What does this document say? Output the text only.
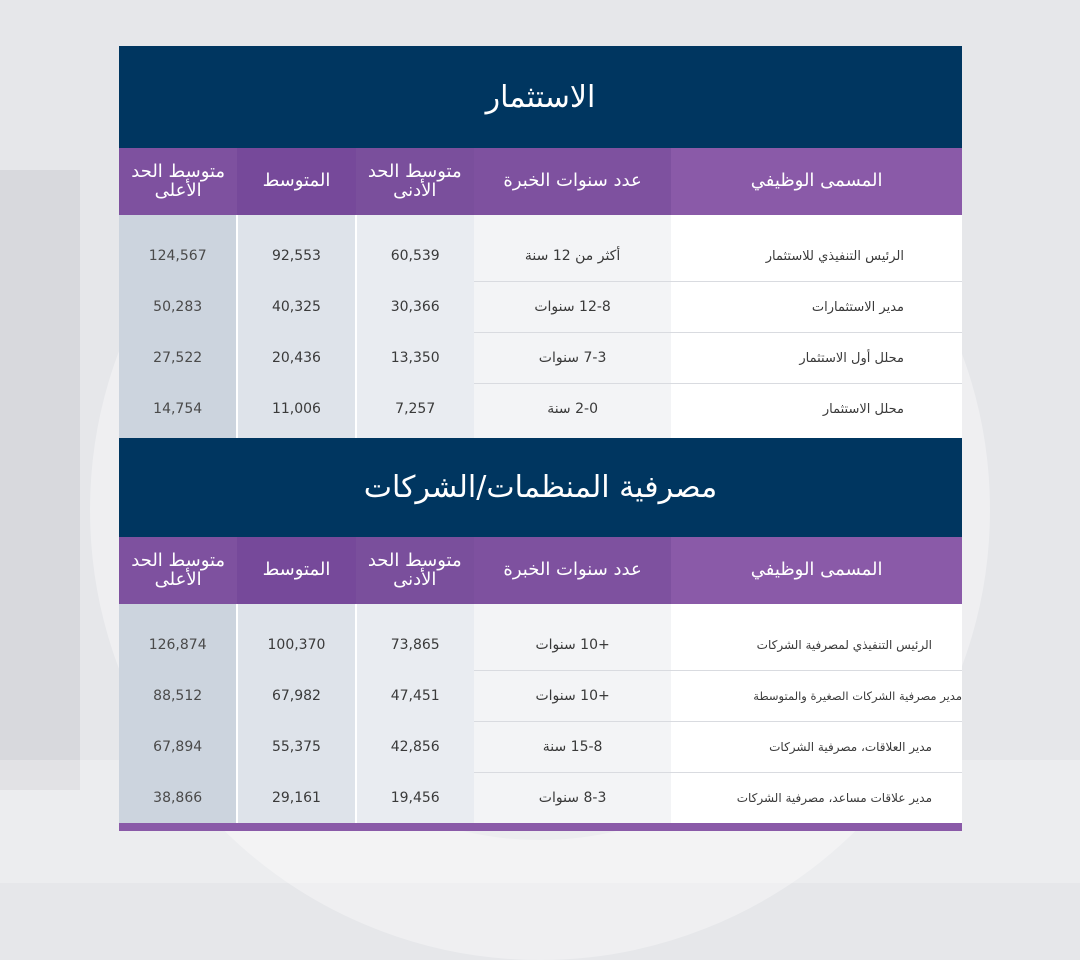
الاستثمار
المسمى الوظيفي	عدد سنوات الخبرة	متوسط الحد الأدنى	المتوسط	متوسط الحد الأعلى

الرئيس التنفيذي للاستثمار	أكثر من 12 سنة	60,539	92,553	124,567
مدير الاستثمارات	12-8 سنوات	30,366	40,325	50,283
محلل أول الاستثمار	7-3 سنوات	13,350	20,436	27,522
محلل الاستثمار	2-0 سنة	7,257	11,006	14,754

مصرفية المنظمات/الشركات
المسمى الوظيفي	عدد سنوات الخبرة	متوسط الحد الأدنى	المتوسط	متوسط الحد الأعلى

الرئيس التنفيذي لمصرفية الشركات	+10 سنوات	73,865	100,370	126,874
مدير مصرفية الشركات الصغيرة والمتوسطة	+10 سنوات	47,451	67,982	88,512
مدير العلاقات، مصرفية الشركات	15-8 سنة	42,856	55,375	67,894
مدير علاقات مساعد، مصرفية الشركات	8-3 سنوات	19,456	29,161	38,866
